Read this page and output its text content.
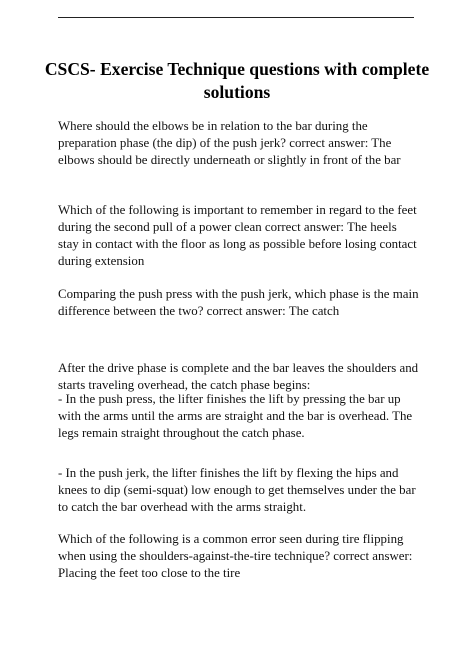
CSCS- Exercise Technique questions with complete solutions

Where should the elbows be in relation to the bar during the preparation phase (the dip) of the push jerk? correct answer: The elbows should be directly underneath or slightly in front of the bar

Which of the following is important to remember in regard to the feet during the second pull of a power clean correct answer: The heels stay in contact with the floor as long as possible before losing contact during extension

Comparing the push press with the push jerk, which phase is the main difference between the two? correct answer: The catch

After the drive phase is complete and the bar leaves the shoulders and starts traveling overhead, the catch phase begins:

- In the push press, the lifter finishes the lift by pressing the bar up with the arms until the arms are straight and the bar is overhead. The legs remain straight throughout the catch phase.

- In the push jerk, the lifter finishes the lift by flexing the hips and knees to dip (semi-squat) low enough to get themselves under the bar to catch the bar overhead with the arms straight.

Which of the following is a common error seen during tire flipping when using the shoulders-against-the-tire technique? correct answer: Placing the feet too close to the tire
